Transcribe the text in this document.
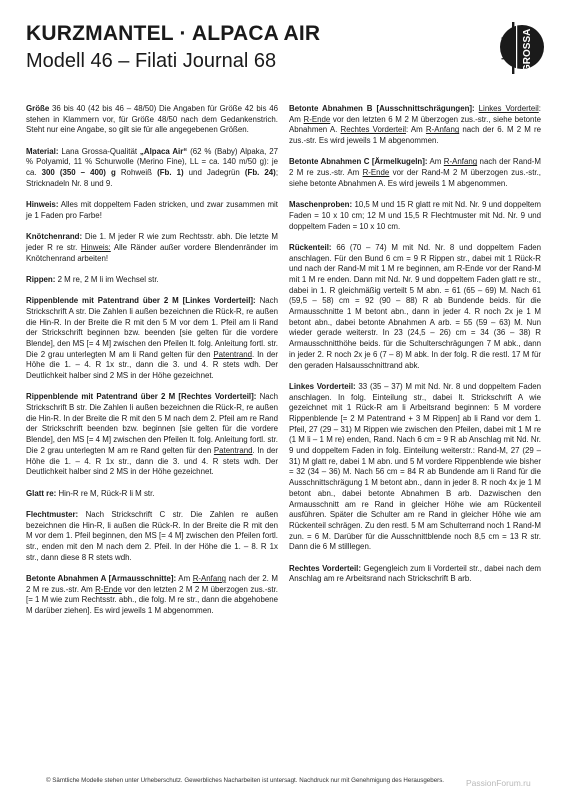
KURZMANTEL · ALPACA AIR
Modell 46 – Filati Journal 68
LANA GROSSA

Größe 36 bis 40 (42 bis 46 – 48/50) Die Angaben für Größe 42 bis 46 stehen in Klammern vor, für Größe 48/50 nach dem Gedankenstrich. Steht nur eine Angabe, so gilt sie für alle angegebenen Größen.

Material: Lana Grossa-Qualität „Alpaca Air“ (62 % (Baby) Alpaka, 27 % Polyamid, 11 % Schurwolle (Merino Fine), LL = ca. 140 m/50 g): je ca. 300 (350 – 400) g Rohweiß (Fb. 1) und Jadegrün (Fb. 24); Stricknadeln Nr. 8 und 9.

Hinweis: Alles mit doppeltem Faden stricken, und zwar zusammen mit je 1 Faden pro Farbe!

Knötchenrand: Die 1. M jeder R wie zum Rechtsstr. abh. Die letzte M jeder R re str. Hinweis: Alle Ränder außer vordere Blendenränder im Knötchenrand arbeiten!

Rippen: 2 M re, 2 M li im Wechsel str.

Rippenblende mit Patentrand über 2 M [Linkes Vorderteil]: Nach Strickschrift A str. Die Zahlen li außen bezeichnen die Rück-R, re außen die Hin-R. In der Breite die R mit den 5 M vor dem 1. Pfeil am li Rand der Strickschrift beginnen bzw. beenden [sie gelten für die vordere Blende], den MS [= 4 M] zwischen den Pfeilen lt. folg. Anleitung fortl. str. Die 2 grau unterlegten M am li Rand gelten für den Patentrand. In der Höhe die 1. – 4. R 1x str., dann die 3. und 4. R stets wdh. Der Deutlichkeit halber sind 2 MS in der Höhe gezeichnet.

Rippenblende mit Patentrand über 2 M [Rechtes Vorderteil]: Nach Strickschrift B str. Die Zahlen li außen bezeichnen die Rück-R, re außen die Hin-R. In der Breite die R mit den 5 M nach dem 2. Pfeil am re Rand der Strickschrift beenden bzw. beginnen [sie gelten für die vordere Blende], den MS [= 4 M] zwischen den Pfeilen lt. folg. Anleitung fortl. str. Die 2 grau unterlegten M am re Rand gelten für den Patentrand. In der Höhe die 1. – 4. R 1x str., dann die 3. und 4. R stets wdh. Der Deutlichkeit halber sind 2 MS in der Höhe gezeichnet.

Glatt re: Hin-R re M, Rück-R li M str.

Flechtmuster: Nach Strickschrift C str. Die Zahlen re außen bezeichnen die Hin-R, li außen die Rück-R. In der Breite die R mit den M vor dem 1. Pfeil beginnen, den MS [= 4 M] zwischen den Pfeilen fortl. str., enden mit den M nach dem 2. Pfeil. In der Höhe die 1. – 8. R 1x str., dann diese 8 R stets wdh.

Betonte Abnahmen A [Armausschnitte]: Am R-Anfang nach der 2. M 2 M re zus.-str. Am R-Ende vor den letzten 2 M 2 M überzogen zus.-str. [= 1 M wie zum Rechtsstr. abh., die folg. M re str., dann die abgehobene M darüber ziehen]. Es wird jeweils 1 M abgenommen.

Betonte Abnahmen B [Ausschnittschrägungen]: Linkes Vorderteil: Am R-Ende vor den letzten 6 M 2 M überzogen zus.-str., siehe betonte Abnahmen A. Rechtes Vorderteil: Am R-Anfang nach der 6. M 2 M re zus.-str. Es wird jeweils 1 M abgenommen.

Betonte Abnahmen C [Ärmelkugeln]: Am R-Anfang nach der Rand-M 2 M re zus.-str. Am R-Ende vor der Rand-M 2 M überzogen zus.-str., siehe betonte Abnahmen A. Es wird jeweils 1 M abgenommen.

Maschenproben: 10,5 M und 15 R glatt re mit Nd. Nr. 9 und doppeltem Faden = 10 x 10 cm; 12 M und 15,5 R Flechtmuster mit Nd. Nr. 9 und doppeltem Faden = 10 x 10 cm.

Rückenteil: 66 (70 – 74) M mit Nd. Nr. 8 und doppeltem Faden anschlagen. Für den Bund 6 cm = 9 R Rippen str., dabei mit 1 Rück-R und nach der Rand-M mit 1 M re beginnen, am R-Ende vor der Rand-M mit 1 M re enden. Dann mit Nd. Nr. 9 und doppeltem Faden glatt re str., dabei in 1. R gleichmäßig verteilt 5 M abn. = 61 (65 – 69) M. Nach 61 (59,5 – 58) cm = 92 (90 – 88) R ab Bundende beids. für die Armausschnitte 1 M betont abn., dann in jeder 4. R noch 2x je 1 M betont abn., dabei betonte Abnahmen A arb. = 55 (59 – 63) M. Nun wieder gerade weiterstr. In 23 (24,5 – 26) cm = 34 (36 – 38) R Armausschnitthöhe beids. für die Schulterschrägungen 7 M abk., dann in jeder 2. R noch 2x je 6 (7 – 8) M abk. In der folg. R die restl. 17 M für den geraden Halsausschnittrand abk.

Linkes Vorderteil: 33 (35 – 37) M mit Nd. Nr. 8 und doppeltem Faden anschlagen. In folg. Einteilung str., dabei lt. Strickschrift A wie gezeichnet mit 1 Rück-R am li Arbeitsrand beginnen: 5 M vordere Rippenblende [= 2 M Patentrand + 3 M Rippen] ab li Rand vor dem 1. Pfeil, 27 (29 – 31) M Rippen wie zwischen den Pfeilen, dabei mit 1 M re (1 M li – 1 M re) enden, Rand. Nach 6 cm = 9 R ab Anschlag mit Nd. Nr. 9 und doppeltem Faden in folg. Einteilung weiterstr.: Rand-M, 27 (29 – 31) M glatt re, dabei 1 M abn. und 5 M vordere Rippenblende wie bisher = 32 (34 – 36) M. Nach 56 cm = 84 R ab Bundende am li Rand für die Ausschnittschrägung 1 M betont abn., dann in jeder 8. R noch 4x je 1 M betont abn., dabei betonte Abnahmen B arb. Dazwischen den Armausschnitt am re Rand in gleicher Höhe wie am Rückenteil ausführen. Später die Schulter am re Rand in gleicher Höhe wie am Rückenteil schrägen. Zu den restl. 5 M am Schulterrand noch 1 Rand-M zun. = 6 M. Darüber für die Ausschnittblende noch 8,5 cm = 13 R str. Dann die 6 M stilllegen.

Rechtes Vorderteil: Gegengleich zum li Vorderteil str., dabei nach dem Anschlag am re Arbeitsrand nach Strickschrift B arb.

© Sämtliche Modelle stehen unter Urheberschutz. Gewerbliches Nacharbeiten ist untersagt. Nachdruck nur mit Genehmigung des Herausgebers.	PassionForum.ru
